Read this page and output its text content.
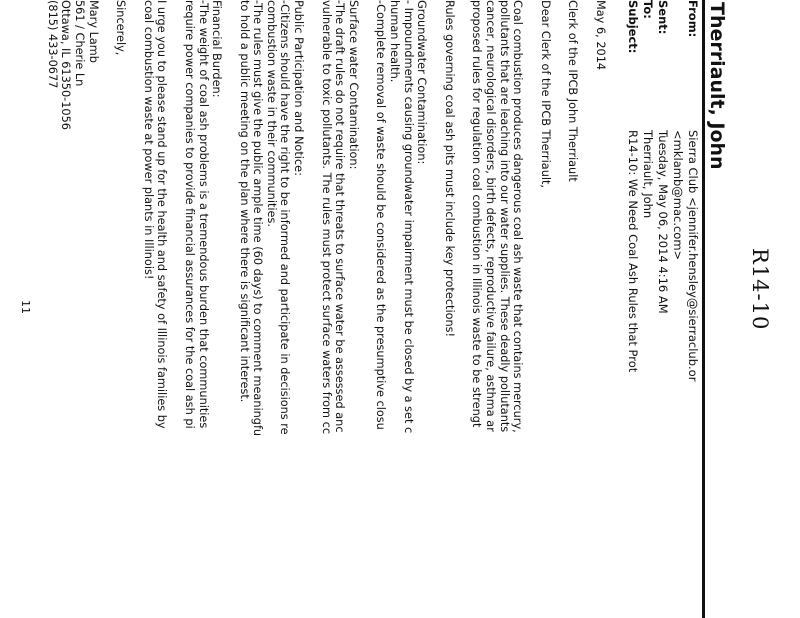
R14-10
Therriault, John
From:Sierra Club <jennifer.hensley@sierraclub.or
<mklamb@mac.com>
Sent:Tuesday, May 06, 2014 4:16 AM
To:Therriault, John
Subject:R14-10: We Need Coal Ash Rules that Prot

May 6, 2014

Clerk of the IPCB John Therriault

Dear Clerk of the IPCB Therriault,

Coal combustion produces dangerous coal ash waste that contains mercury,
pollutants that are leaching into our water supplies. These deadly pollutants
cancer, neurological disorders, birth defects, reproductive failure, asthma ar
proposed rules for regulation coal combustion in Illinois waste to be strengt

Rules governing coal ash pits must include key protections!

Groundwater Contamination:
- Impoundments causing groundwater impairment must be closed by a set c
human health.
-Complete removal of waste should be considered as the presumptive closu

Surface water Contamination:
-The draft rules do not require that threats to surface water be assessed anc
vulnerable to toxic pollutants. The rules must protect surface waters from cc

Public Participation and Notice:
-Citizens should have the right to be informed and participate in decisions re
combustion waste in their communities.
-The rules must give the public ample time (60 days) to comment meaningfu
to hold a public meeting on the plan where there is significant interest.

Financial Burden:
-The weight of coal ash problems is a tremendous burden that communities
require power companies to provide financial assurances for the coal ash pi

I urge you to please stand up for the health and safety of Illinois families by
coal combustion waste at power plants in Illinois!

Sincerely,

Mary Lamb
561 / Cherie Ln
Ottawa, IL 61350-1056
(815) 433-0677

11
